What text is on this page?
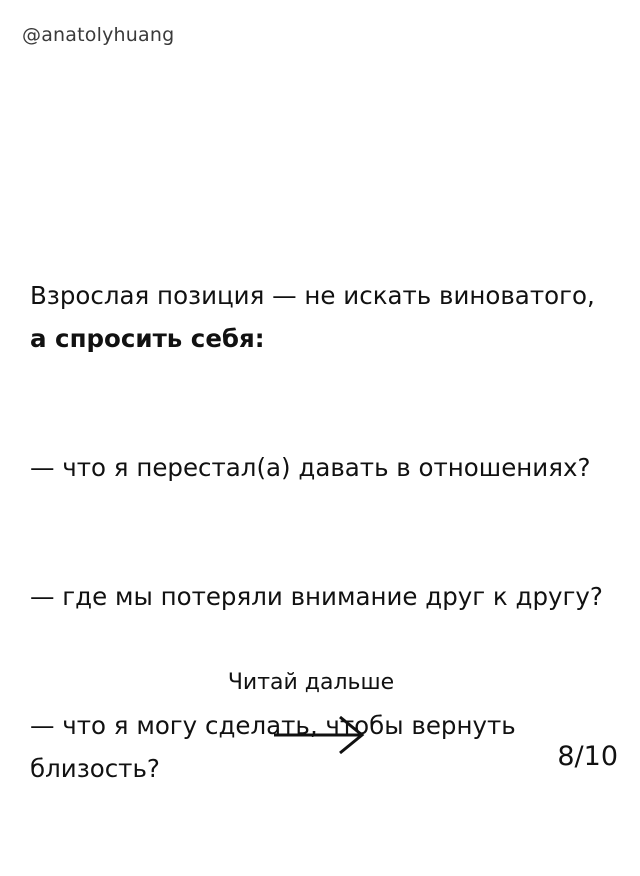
@anatolyhuang

Взрослая позиция — не искать виноватого, а спросить себя:

— что я перестал(а) давать в отношениях?

— где мы потеряли внимание друг к другу?

— что я могу сделать, чтобы вернуть близость?

Читай дальше
8/10
